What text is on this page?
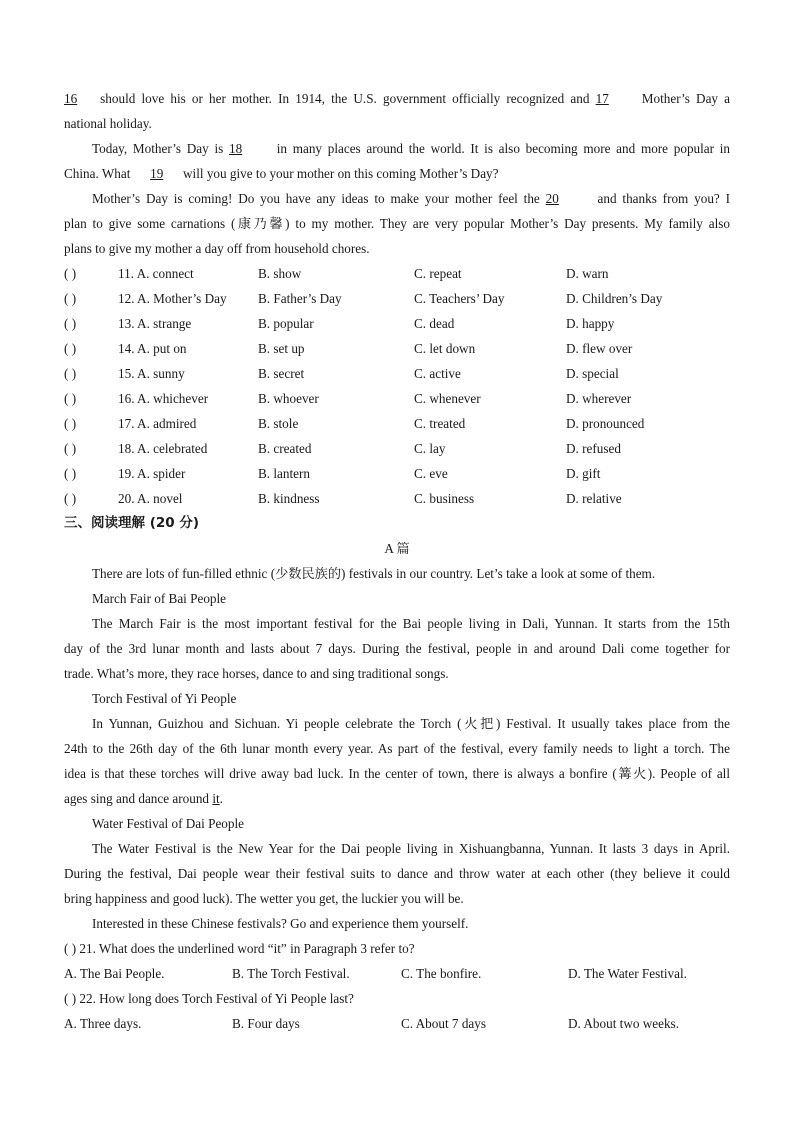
16 should love his or her mother. In 1914, the U.S. government officially recognized and 17 Mother’s Day a
national holiday.
Today, Mother’s Day is 18	in many places around the world. It is also becoming more and more popular in
China. What 19 will you give to your mother on this coming Mother’s Day?
Mother’s Day is coming! Do you have any ideas to make your mother feel the 20	and thanks from you? I
plan to give some carnations (康乃馨) to my mother. They are very popular Mother’s Day presents. My family also
plans to give my mother a day off from household chores.
( )	11. A. connect	B. show	C. repeat	D. warn
( )	12. A. Mother’s Day	B. Father’s Day	C. Teachers’ Day	D. Children’s Day
( )	13. A. strange	B. popular	C. dead	D. happy
( )	14. A. put on	B. set up	C. let down	D. flew over
( )	15. A. sunny	B. secret	C. active	D. special
( )	16. A. whichever	B. whoever	C. whenever	D. wherever
( )	17. A. admired	B. stole	C. treated	D. pronounced
( )	18. A. celebrated	B. created	C. lay	D. refused
( )	19. A. spider	B. lantern	C. eve	D. gift
( )	20. A. novel	B. kindness	C. business	D. relative
三、阅读理解 (20 分)
A 篇
There are lots of fun-filled ethnic (少数民族的) festivals in our country. Let’s take a look at some of them.
March Fair of Bai People
The March Fair is the most important festival for the Bai people living in Dali, Yunnan. It starts from the 15th
day of the 3rd lunar month and lasts about 7 days. During the festival, people in and around Dali come together for
trade. What’s more, they race horses, dance to and sing traditional songs.
Torch Festival of Yi People
In Yunnan, Guizhou and Sichuan. Yi people celebrate the Torch (火把) Festival. It usually takes place from the
24th to the 26th day of the 6th lunar month every year. As part of the festival, every family needs to light a torch. The
idea is that these torches will drive away bad luck. In the center of town, there is always a bonfire (篝火). People of all
ages sing and dance around it.
Water Festival of Dai People
The Water Festival is the New Year for the Dai people living in Xishuangbanna, Yunnan. It lasts 3 days in April.
During the festival, Dai people wear their festival suits to dance and throw water at each other (they believe it could
bring happiness and good luck). The wetter you get, the luckier you will be.
Interested in these Chinese festivals? Go and experience them yourself.
( ) 21. What does the underlined word “it” in Paragraph 3 refer to?
A. The Bai People.	B. The Torch Festival.	C. The bonfire.	D. The Water Festival.
( ) 22. How long does Torch Festival of Yi People last?
A. Three days.	B. Four days	C. About 7 days	D. About two weeks.
